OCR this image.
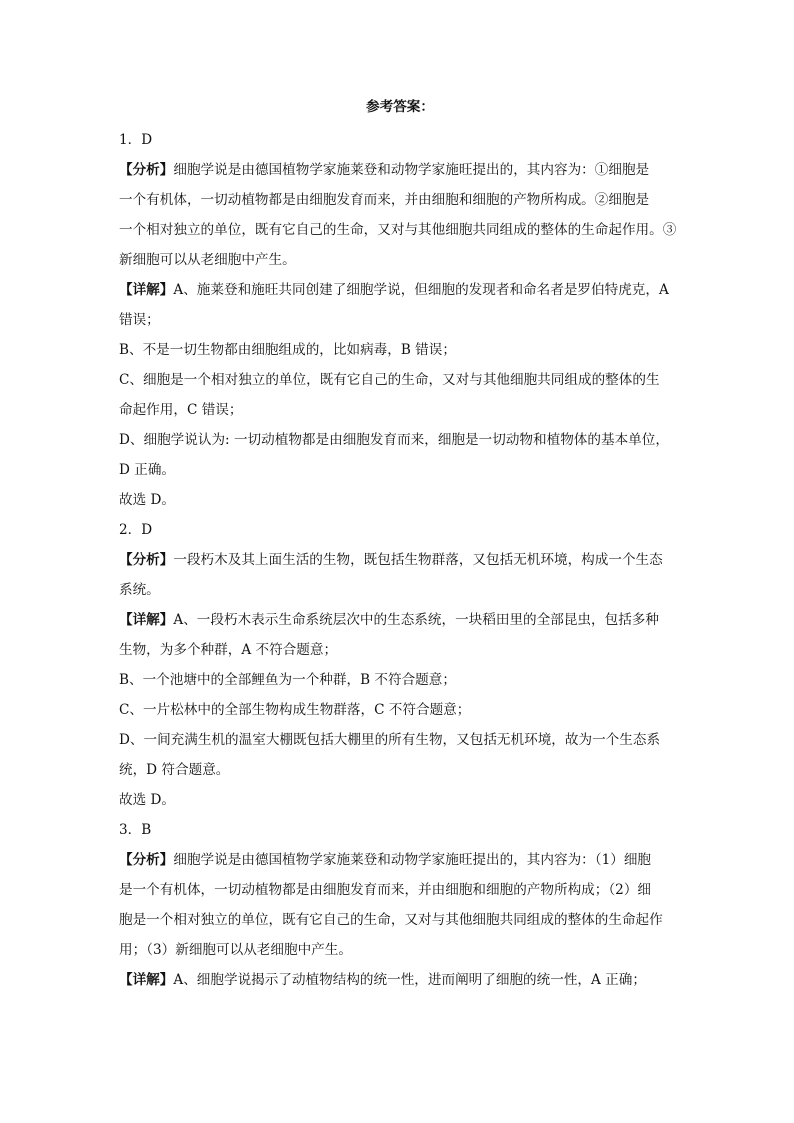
参考答案：
1．D
【分析】细胞学说是由德国植物学家施莱登和动物学家施旺提出的，其内容为：①细胞是
一个有机体，一切动植物都是由细胞发育而来，并由细胞和细胞的产物所构成。②细胞是
一个相对独立的单位，既有它自己的生命，又对与其他细胞共同组成的整体的生命起作用。③
新细胞可以从老细胞中产生。
【详解】A、施莱登和施旺共同创建了细胞学说，但细胞的发现者和命名者是罗伯特虎克，A
错误；
B、不是一切生物都由细胞组成的，比如病毒，B 错误；
C、细胞是一个相对独立的单位，既有它自己的生命，又对与其他细胞共同组成的整体的生
命起作用，C 错误；
D、细胞学说认为: 一切动植物都是由细胞发育而来，细胞是一切动物和植物体的基本单位，
D 正确。
故选 D。
2．D
【分析】一段朽木及其上面生活的生物，既包括生物群落，又包括无机环境，构成一个生态
系统。
【详解】A、一段朽木表示生命系统层次中的生态系统，一块稻田里的全部昆虫，包括多种
生物，为多个种群，A 不符合题意；
B、一个池塘中的全部鲤鱼为一个种群，B 不符合题意；
C、一片松林中的全部生物构成生物群落，C 不符合题意；
D、一间充满生机的温室大棚既包括大棚里的所有生物，又包括无机环境，故为一个生态系
统，D 符合题意。
故选 D。
3．B
【分析】细胞学说是由德国植物学家施莱登和动物学家施旺提出的，其内容为：（1）细胞
是一个有机体，一切动植物都是由细胞发育而来，并由细胞和细胞的产物所构成；（2）细
胞是一个相对独立的单位，既有它自己的生命，又对与其他细胞共同组成的整体的生命起作
用；（3）新细胞可以从老细胞中产生。
【详解】A、细胞学说揭示了动植物结构的统一性，进而阐明了细胞的统一性，A 正确；
